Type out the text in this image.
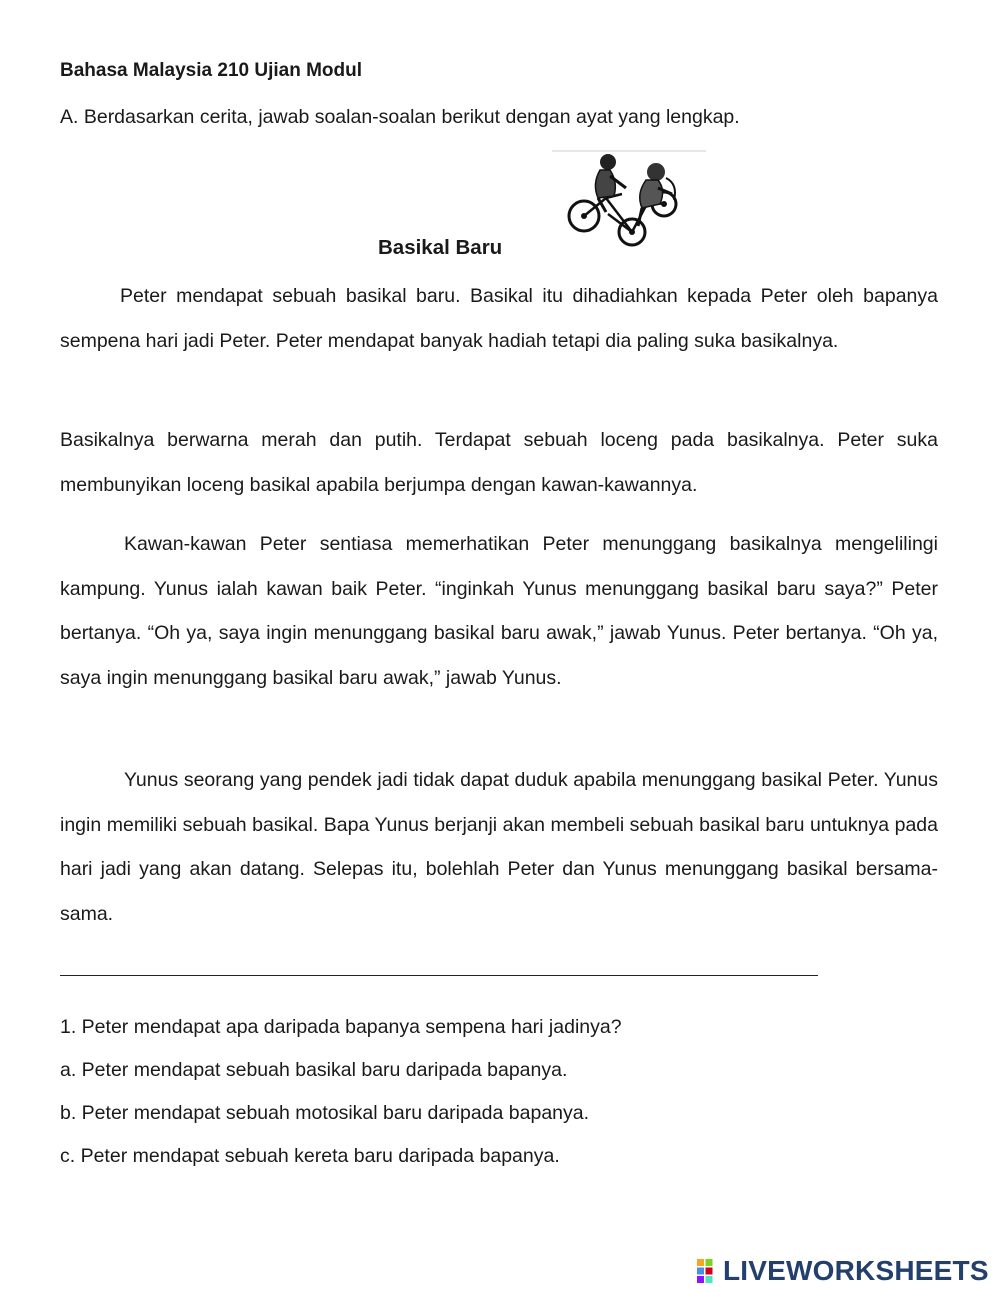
Bahasa Malaysia 210 Ujian Modul

A. Berdasarkan cerita, jawab soalan-soalan berikut dengan ayat yang lengkap.

Basikal Baru

Peter mendapat sebuah basikal baru. Basikal itu dihadiahkan kepada Peter oleh bapanya sempena hari jadi Peter. Peter mendapat banyak hadiah tetapi dia paling suka basikalnya.

Basikalnya berwarna merah dan putih. Terdapat sebuah loceng pada basikalnya. Peter suka membunyikan loceng basikal apabila berjumpa dengan kawan-kawannya.

Kawan-kawan Peter sentiasa memerhatikan Peter menunggang basikalnya mengelilingi kampung. Yunus ialah kawan baik Peter. “inginkah Yunus menunggang basikal baru saya?” Peter bertanya. “Oh ya, saya ingin menunggang basikal baru awak,” jawab Yunus. Peter bertanya. “Oh ya, saya ingin menunggang basikal baru awak,” jawab Yunus.

Yunus seorang yang pendek jadi tidak dapat duduk apabila menunggang basikal Peter. Yunus ingin memiliki sebuah basikal. Bapa Yunus berjanji akan membeli sebuah basikal baru untuknya pada hari jadi yang akan datang. Selepas itu, bolehlah Peter dan Yunus menunggang basikal bersama-sama.

1. Peter mendapat apa daripada bapanya sempena hari jadinya?

a. Peter mendapat sebuah basikal baru daripada bapanya.

b. Peter mendapat sebuah motosikal baru daripada bapanya.

c. Peter mendapat sebuah kereta baru daripada bapanya.

LIVEWORKSHEETS
